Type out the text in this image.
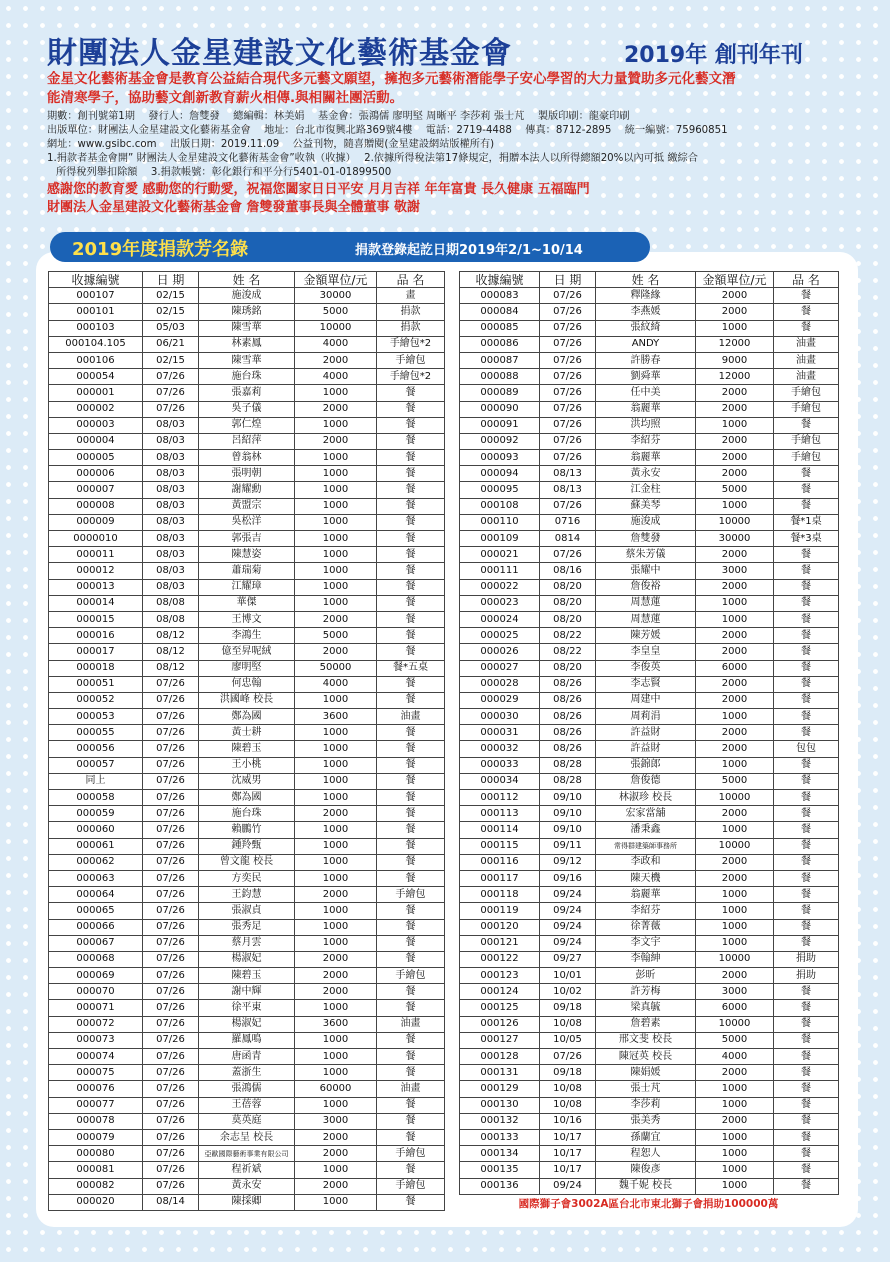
財團法人金星建設文化藝術基金會	2019年 創刊年刊
金星文化藝術基金會是教育公益結合現代多元藝文願望，擁抱多元藝術潛能學子安心學習的大力量贊助多元化藝文潛
能清寒學子，協助藝文創新教育薪火相傳.與相關社團活動。
期數：創刊號第1期　 發行人：詹雙發　 總編輯：林美娟　 基金會：張鴻儒 廖明堅 周晰平 李莎莉 張士芃　 製版印刷：龍豪印刷
出版單位：財團法人金星建設文化藝術基金會　 地址：台北市復興北路369號4樓　 電話：2719-4488　 傳真：8712-2895　 統一編號：75960851
網址：www.gsibc.com　 出版日期：2019.11.09　 公益刊物，隨喜贈閱(金星建設網站版權所有)
1.捐款者基金會開” 財團法人金星建設文化藝術基金會”收執（收據）　 2.依據所得稅法第17條規定，捐贈本法人以所得總額20%以內可抵 繳綜合
所得稅列舉扣除額　 3.捐款帳號：彰化銀行和平分行5401-01-01899500
感謝您的教育愛 感動您的行動愛，祝福您闔家日日平安 月月吉祥 年年富貴 長久健康 五福臨門
財團法人金星建設文化藝術基金會 詹雙發董事長與全體董事 敬謝
2019年度捐款芳名錄	捐款登錄起訖日期2019年2/1~10/14
收據編號	日 期	姓 名	金額單位/元	品 名
000107	02/15	施浚成	30000	畫
000101	02/15	陳琇銘	5000	捐款
000103	05/03	陳雪華	10000	捐款
000104.105	06/21	林素鳳	4000	手繪包*2
000106	02/15	陳雪華	2000	手繪包
000054	07/26	施台珠	4000	手繪包*2
000001	07/26	張嘉莉	1000	餐
000002	07/26	吳子儀	2000	餐
000003	08/03	郭仁煌	1000	餐
000004	08/03	呂紹萍	2000	餐
000005	08/03	曾翁林	1000	餐
000006	08/03	張明朝	1000	餐
000007	08/03	謝耀勳	1000	餐
000008	08/03	黃盟宗	1000	餐
000009	08/03	吳松洋	1000	餐
0000010	08/03	郭張吉	1000	餐
000011	08/03	陳慧姿	1000	餐
000012	08/03	蕭瑞菊	1000	餐
000013	08/03	江耀璋	1000	餐
000014	08/08	華傑	1000	餐
000015	08/08	王博文	2000	餐
000016	08/12	李鴻生	5000	餐
000017	08/12	億至昇呢絨	2000	餐
000018	08/12	廖明堅	50000	餐*五桌
000051	07/26	何忠翰	4000	餐
000052	07/26	洪國峰 校長	1000	餐
000053	07/26	鄭為國	3600	油畫
000055	07/26	黃士耕	1000	餐
000056	07/26	陳碧玉	1000	餐
000057	07/26	王小桃	1000	餐
同上	07/26	沈威男	1000	餐
000058	07/26	鄭為國	1000	餐
000059	07/26	施台珠	2000	餐
000060	07/26	賴鵬竹	1000	餐
000061	07/26	鍾羚甄	1000	餐
000062	07/26	曾文龍 校長	1000	餐
000063	07/26	方奕民	1000	餐
000064	07/26	王鈞慧	2000	手繪包
000065	07/26	張淑貞	1000	餐
000066	07/26	張秀足	1000	餐
000067	07/26	蔡月雲	1000	餐
000068	07/26	楊淑妃	2000	餐
000069	07/26	陳碧玉	2000	手繪包
000070	07/26	謝中輝	2000	餐
000071	07/26	徐平東	1000	餐
000072	07/26	楊淑妃	3600	油畫
000073	07/26	羅鳳鳴	1000	餐
000074	07/26	唐函青	1000	餐
000075	07/26	蓋浙生	1000	餐
000076	07/26	張鴻儒	60000	油畫
000077	07/26	王蓓蓉	1000	餐
000078	07/26	莫英庭	3000	餐
000079	07/26	余志呈 校長	2000	餐
000080	07/26	亞歐國際藝術事業有限公司	2000	手繪包
000081	07/26	程祈斌	1000	餐
000082	07/26	黃永安	2000	手繪包
000020	08/14	陳採卿	1000	餐
收據編號	日 期	姓 名	金額單位/元	品 名
000083	07/26	釋隆緣	2000	餐
000084	07/26	李燕媛	2000	餐
000085	07/26	張紋綺	1000	餐
000086	07/26	ANDY	12000	油畫
000087	07/26	許勝春	9000	油畫
000088	07/26	劉舜華	12000	油畫
000089	07/26	任中美	2000	手繪包
000090	07/26	翁麗華	2000	手繪包
000091	07/26	洪均照	1000	餐
000092	07/26	李紹芬	2000	手繪包
000093	07/26	翁麗華	2000	手繪包
000094	08/13	黃永安	2000	餐
000095	08/13	江金柱	5000	餐
000108	07/26	蘇美琴	1000	餐
000110	0716	施浚成	10000	餐*1桌
000109	0814	詹雙發	30000	餐*3桌
000021	07/26	蔡朱芳儀	2000	餐
000111	08/16	張耀中	3000	餐
000022	08/20	詹俊裕	2000	餐
000023	08/20	周慧蓮	1000	餐
000024	08/20	周慧蓮	1000	餐
000025	08/22	陳芳媛	2000	餐
000026	08/22	李皇皇	2000	餐
000027	08/20	李俊英	6000	餐
000028	08/26	李志賢	2000	餐
000029	08/26	周建中	2000	餐
000030	08/26	周莉涓	1000	餐
000031	08/26	許益財	2000	餐
000032	08/26	許益財	2000	包包
000033	08/28	張錦郎	1000	餐
000034	08/28	詹俊德	5000	餐
000112	09/10	林淑珍 校長	10000	餐
000113	09/10	宏家當舖	2000	餐
000114	09/10	潘秉鑫	1000	餐
000115	09/11	常得群建築師事務所	10000	餐
000116	09/12	李政和	2000	餐
000117	09/16	陳天機	2000	餐
000118	09/24	翁麗華	1000	餐
000119	09/24	李紹芬	1000	餐
000120	09/24	徐菁薇	1000	餐
000121	09/24	李文宇	1000	餐
000122	09/27	李翰紳	10000	捐助
000123	10/01	彭昕	2000	捐助
000124	10/02	許芳梅	3000	餐
000125	09/18	梁真毓	6000	餐
000126	10/08	詹碧素	10000	餐
000127	10/05	邢文斐 校長	5000	餐
000128	07/26	陳冠英 校長	4000	餐
000131	09/18	陳娟媛	2000	餐
000129	10/08	張士芃	1000	餐
000130	10/08	李莎莉	1000	餐
000132	10/16	張美秀	2000	餐
000133	10/17	孫蘭宜	1000	餐
000134	10/17	程恕人	1000	餐
000135	10/17	陳俊彥	1000	餐
000136	09/24	魏千妮 校長	1000	餐
國際獅子會3002A區台北市東北獅子會捐助100000萬
